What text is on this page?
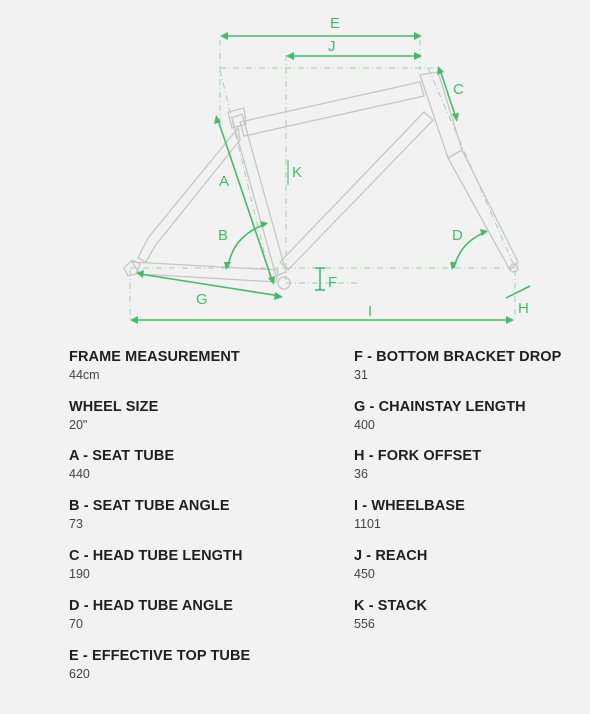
E
J
C
A
K
B	D
F
G
H
I
FRAME MEASUREMENT
44cm
WHEEL SIZE
20"
A - SEAT TUBE
440
B - SEAT TUBE ANGLE
73
C - HEAD TUBE LENGTH
190
D - HEAD TUBE ANGLE
70
E - EFFECTIVE TOP TUBE
620
F - BOTTOM BRACKET DROP
31
G - CHAINSTAY LENGTH
400
H - FORK OFFSET
36
I - WHEELBASE
1101
J - REACH
450
K - STACK
556
